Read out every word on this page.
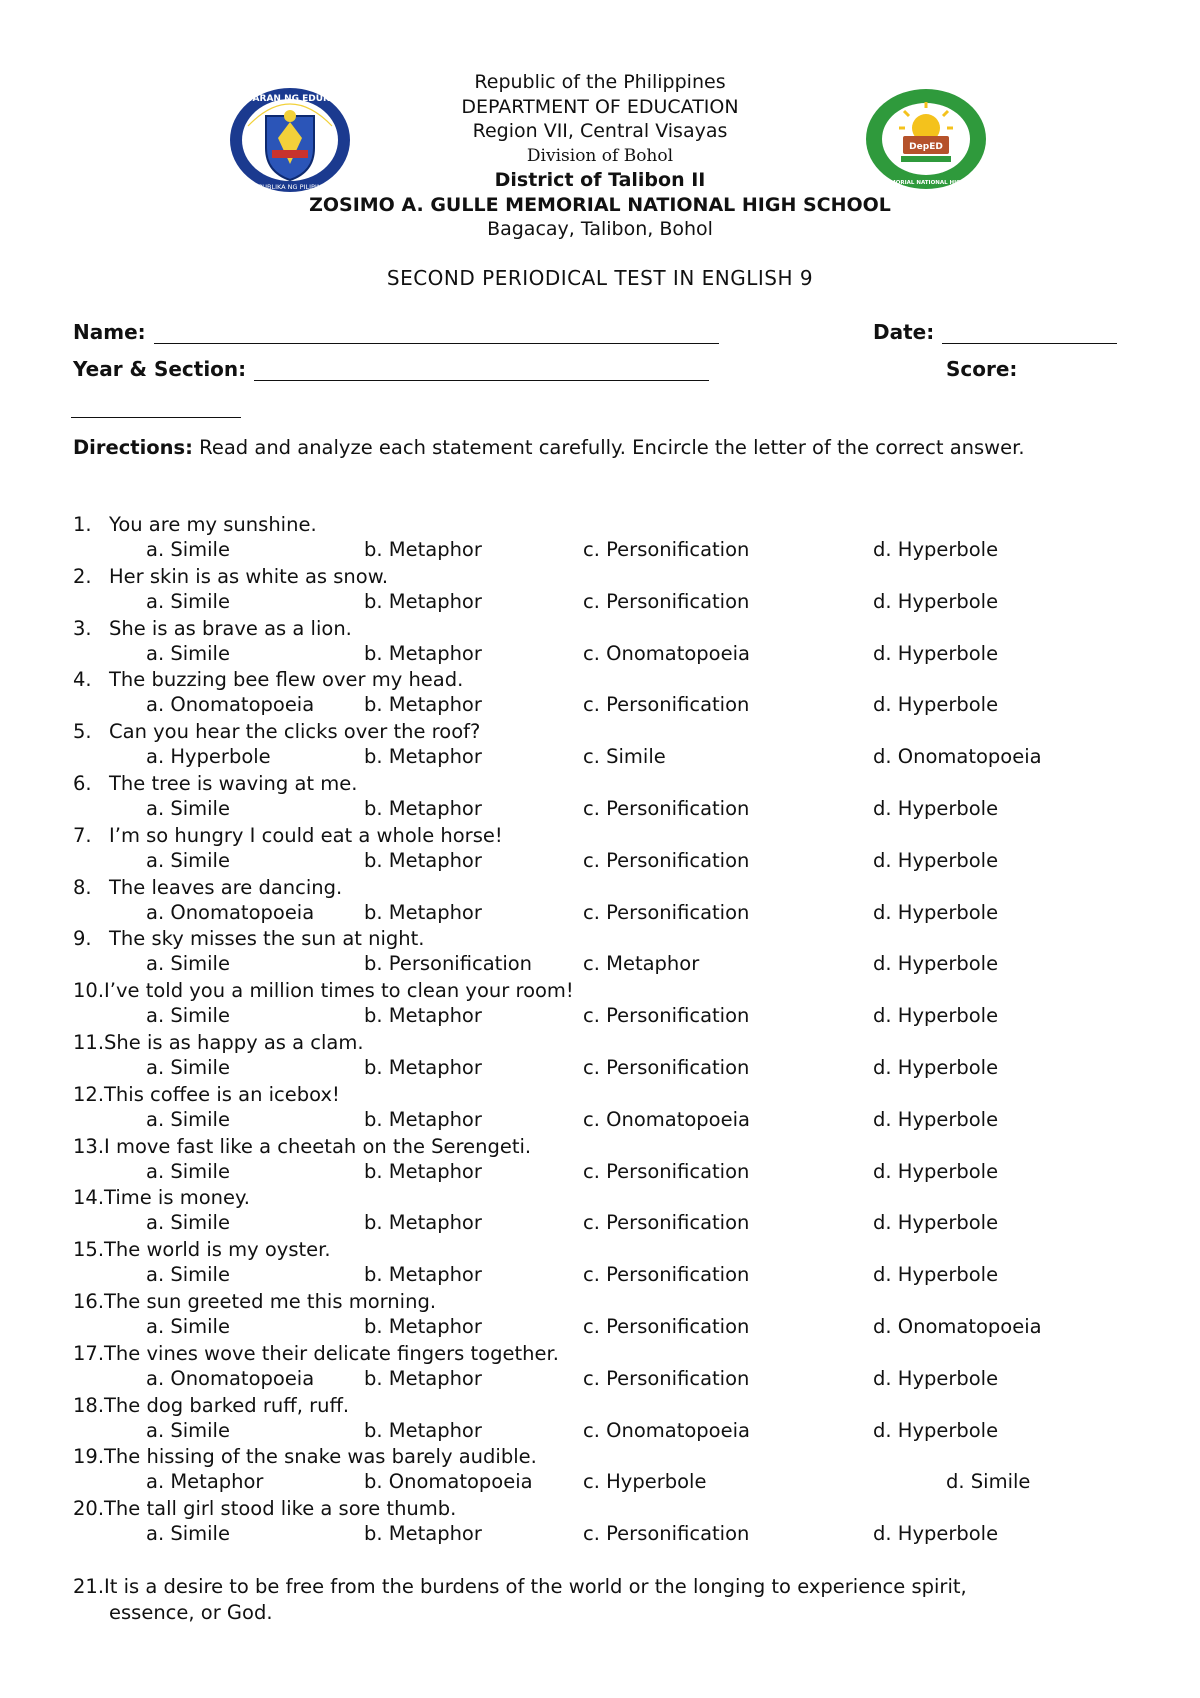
KAGAWARAN NG EDUKASYON
REPUBLIKA NG PILIPINAS
DepED
GULLE MEMORIAL NATIONAL HIGH SCHOOL
Republic of the Philippines
DEPARTMENT OF EDUCATION
Region VII, Central Visayas
Division of Bohol
District of Talibon II
ZOSIMO A. GULLE MEMORIAL NATIONAL HIGH SCHOOL
Bagacay, Talibon, Bohol
SECOND PERIODICAL TEST IN ENGLISH 9
Name:	Date:
Year & Section:	Score:
Directions: Read and analyze each statement carefully. Encircle the letter of the correct answer.
1. You are my sunshine.
a. Simile	b. Metaphor	c. Personification	d. Hyperbole
2. Her skin is as white as snow.
a. Simile	b. Metaphor	c. Personification	d. Hyperbole
3. She is as brave as a lion.
a. Simile	b. Metaphor	c. Onomatopoeia	d. Hyperbole
4. The buzzing bee flew over my head.
a. Onomatopoeia	b. Metaphor	c. Personification	d. Hyperbole
5. Can you hear the clicks over the roof?
a. Hyperbole	b. Metaphor	c. Simile	d. Onomatopoeia
6. The tree is waving at me.
a. Simile	b. Metaphor	c. Personification	d. Hyperbole
7. I’m so hungry I could eat a whole horse!
a. Simile	b. Metaphor	c. Personification	d. Hyperbole
8. The leaves are dancing.
a. Onomatopoeia	b. Metaphor	c. Personification	d. Hyperbole
9. The sky misses the sun at night.
a. Simile	b. Personification	c. Metaphor	d. Hyperbole
10.I’ve told you a million times to clean your room!
a. Simile	b. Metaphor	c. Personification	d. Hyperbole
11.She is as happy as a clam.
a. Simile	b. Metaphor	c. Personification	d. Hyperbole
12.This coffee is an icebox!
a. Simile	b. Metaphor	c. Onomatopoeia	d. Hyperbole
13.I move fast like a cheetah on the Serengeti.
a. Simile	b. Metaphor	c. Personification	d. Hyperbole
14.Time is money.
a. Simile	b. Metaphor	c. Personification	d. Hyperbole
15.The world is my oyster.
a. Simile	b. Metaphor	c. Personification	d. Hyperbole
16.The sun greeted me this morning.
a. Simile	b. Metaphor	c. Personification	d. Onomatopoeia
17.The vines wove their delicate fingers together.
a. Onomatopoeia	b. Metaphor	c. Personification	d. Hyperbole
18.The dog barked ruff, ruff.
a. Simile	b. Metaphor	c. Onomatopoeia	d. Hyperbole
19.The hissing of the snake was barely audible.
a. Metaphor	b. Onomatopoeia	c. Hyperbole	d. Simile
20.The tall girl stood like a sore thumb.
a. Simile	b. Metaphor	c. Personification	d. Hyperbole
21.It is a desire to be free from the burdens of the world or the longing to experience spirit,
essence, or God.
